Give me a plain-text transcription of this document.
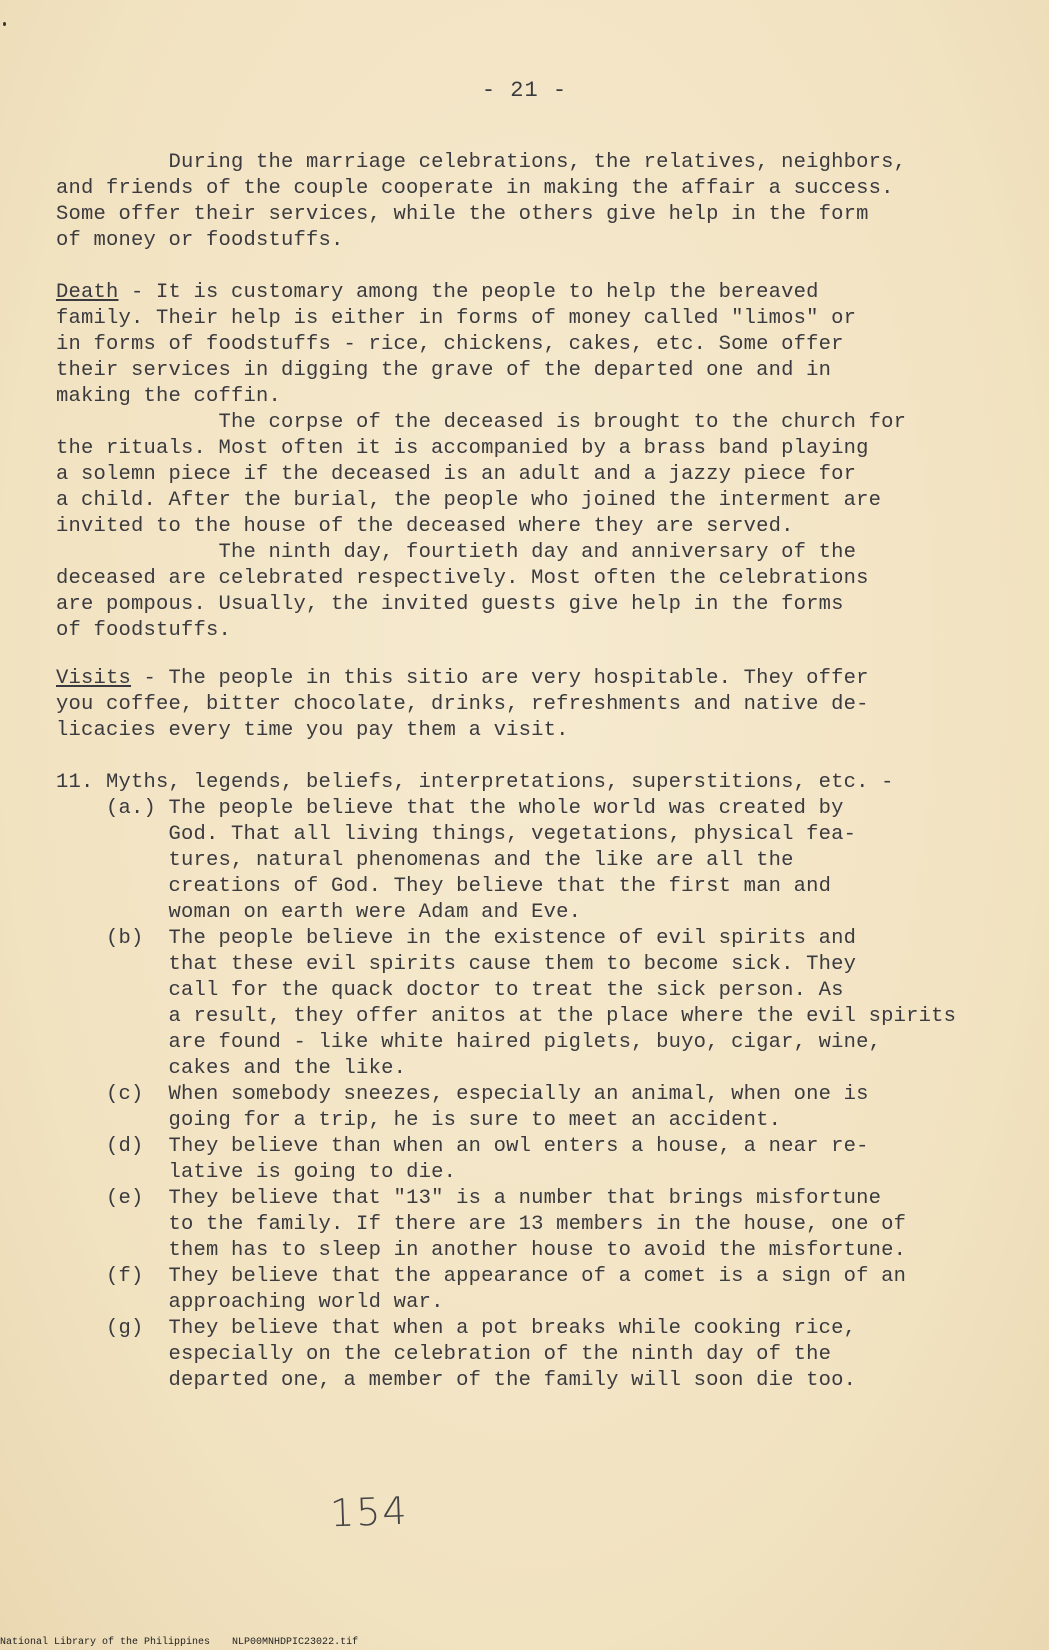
- 21 -
During the marriage celebrations, the relatives, neighbors,
and friends of the couple cooperate in making the affair a success.
Some offer their services, while the others give help in the form
of money or foodstuffs.
Death - It is customary among the people to help the bereaved
family. Their help is either in forms of money called "limos" or
in forms of foodstuffs - rice, chickens, cakes, etc. Some offer
their services in digging the grave of the departed one and in
making the coffin.
The corpse of the deceased is brought to the church for
the rituals. Most often it is accompanied by a brass band playing
a solemn piece if the deceased is an adult and a jazzy piece for
a child. After the burial, the people who joined the interment are
invited to the house of the deceased where they are served.
The ninth day, fourtieth day and anniversary of the
deceased are celebrated respectively. Most often the celebrations
are pompous. Usually, the invited guests give help in the forms
of foodstuffs.
Visits - The people in this sitio are very hospitable. They offer
you coffee, bitter chocolate, drinks, refreshments and native de-
licacies every time you pay them a visit.
11. Myths, legends, beliefs, interpretations, superstitions, etc. -
(a.) The people believe that the whole world was created by
God. That all living things, vegetations, physical fea-
tures, natural phenomenas and the like are all the
creations of God. They believe that the first man and
woman on earth were Adam and Eve.
(b)  The people believe in the existence of evil spirits and
that these evil spirits cause them to become sick. They
call for the quack doctor to treat the sick person. As
a result, they offer anitos at the place where the evil spirits
are found - like white haired piglets, buyo, cigar, wine,
cakes and the like.
(c)  When somebody sneezes, especially an animal, when one is
going for a trip, he is sure to meet an accident.
(d)  They believe than when an owl enters a house, a near re-
lative is going to die.
(e)  They believe that "13" is a number that brings misfortune
to the family. If there are 13 members in the house, one of
them has to sleep in another house to avoid the misfortune.
(f)  They believe that the appearance of a comet is a sign of an
approaching world war.
(g)  They believe that when a pot breaks while cooking rice,
especially on the celebration of the ninth day of the
departed one, a member of the family will soon die too.
154
National Library of the Philippines NLP00MNHDPIC23022.tif
